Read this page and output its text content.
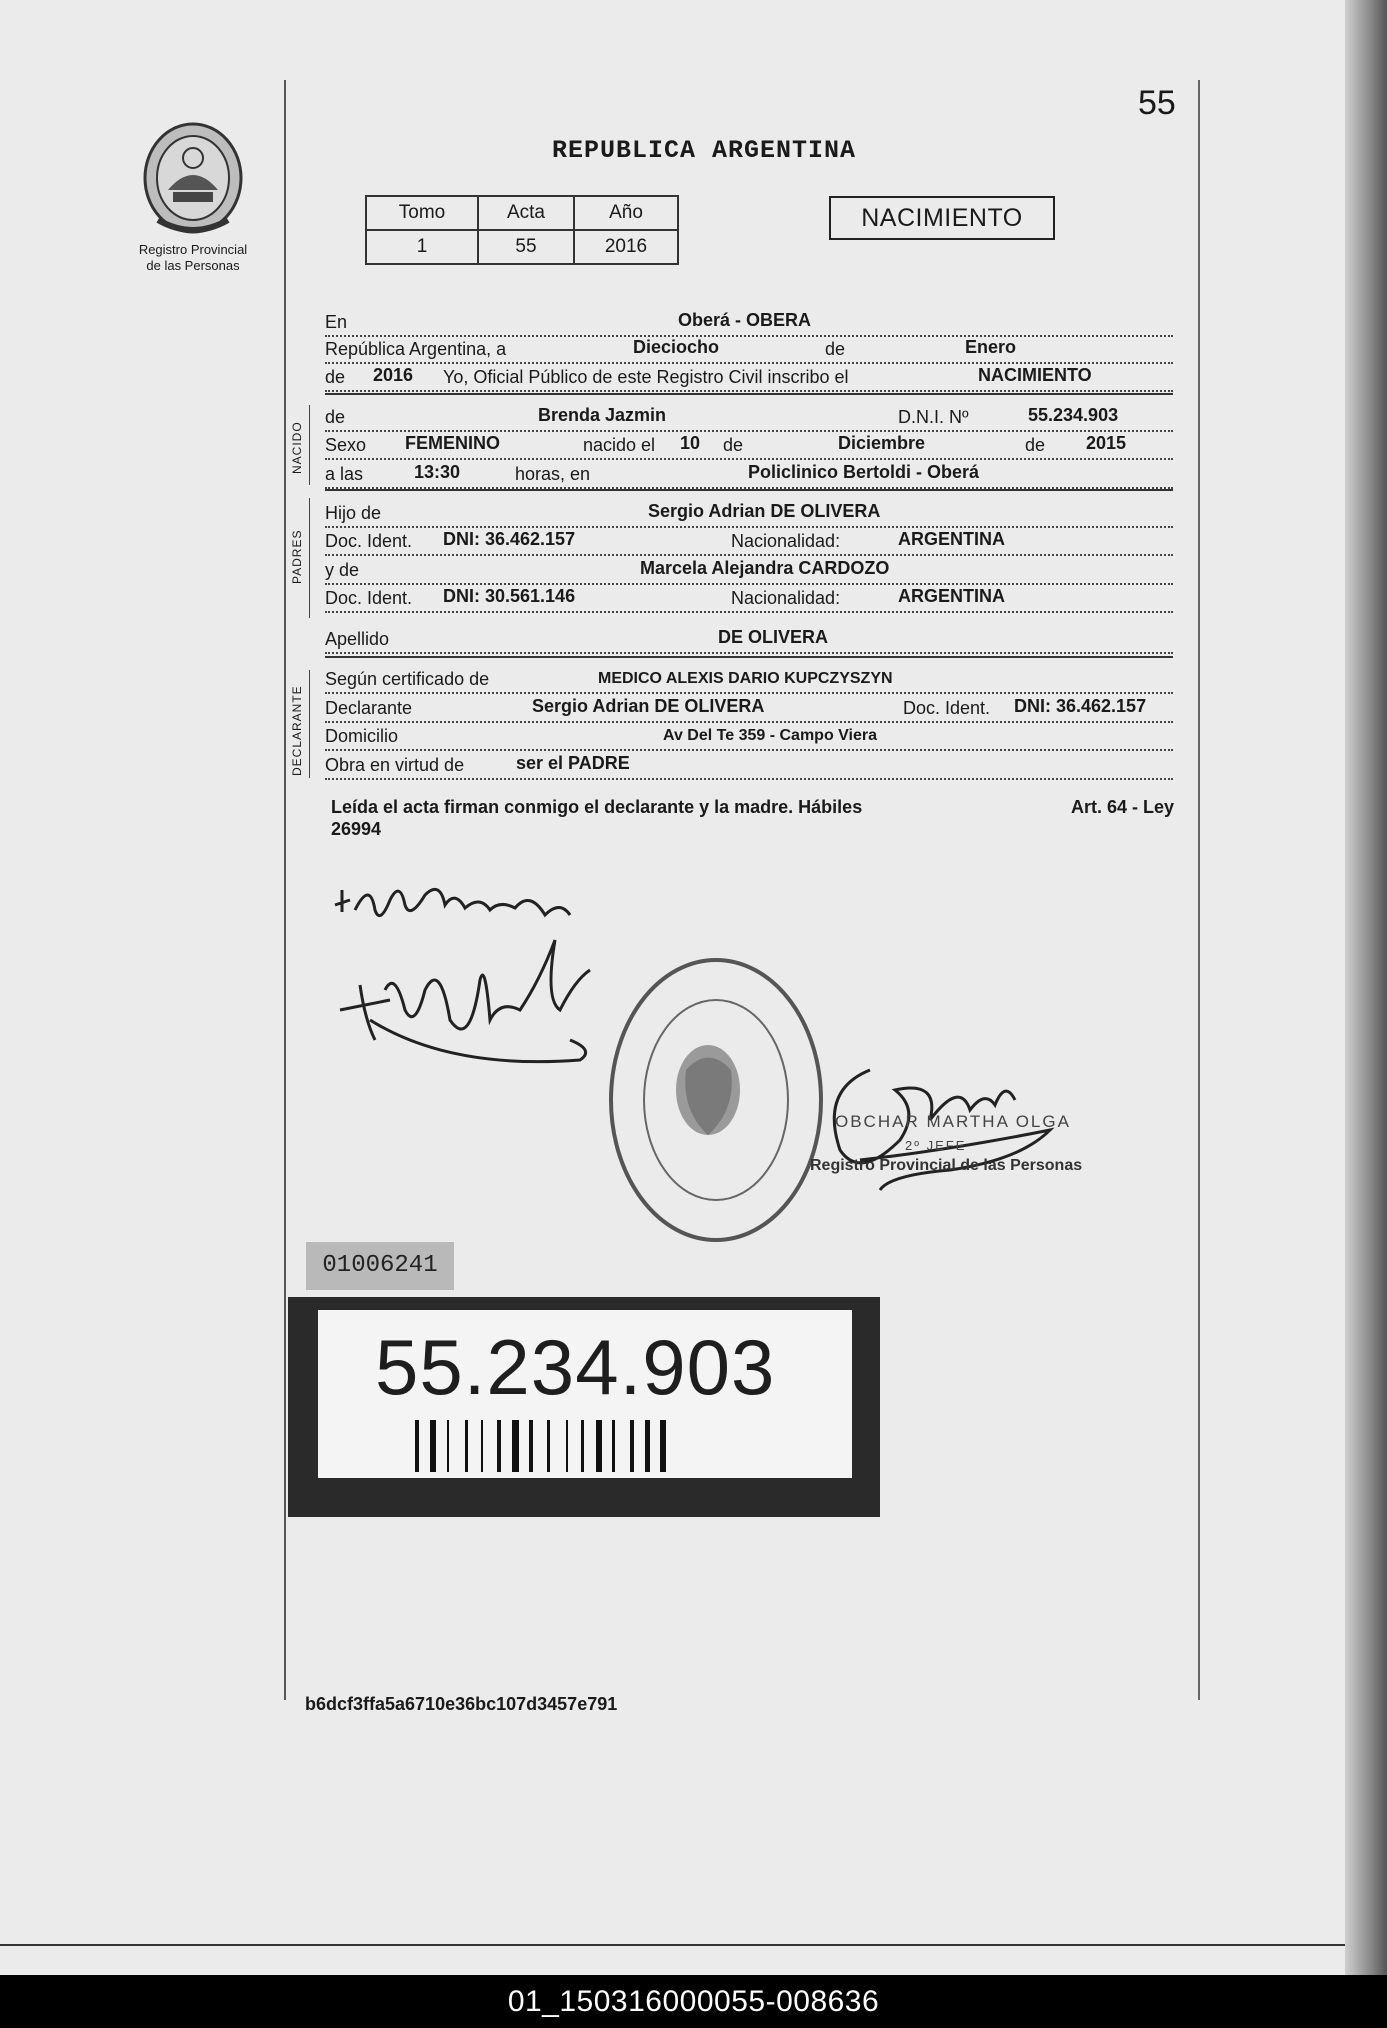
55
Registro Provincial
de las Personas
REPUBLICA ARGENTINA
Tomo	Acta	Año
1	55	2016
NACIMIENTO
En	Oberá - OBERA
República Argentina, a	Dieciocho	de	Enero
de 2016 Yo, Oficial Público de este Registro Civil inscribo el	NACIMIENTO
NACIDO
de	Brenda Jazmin	D.N.I. Nº	55.234.903
Sexo FEMENINO	nacido el 10 de	Diciembre	de 2015
a las	13:30	horas, en	Policlinico Bertoldi - Oberá
PADRES
Hijo de	Sergio Adrian DE OLIVERA
Doc. Ident. DNI: 36.462.157	Nacionalidad:	ARGENTINA
y de	Marcela Alejandra CARDOZO
Doc. Ident. DNI: 30.561.146	Nacionalidad:	ARGENTINA
Apellido	DE OLIVERA
DECLARANTE
Según certificado de	MEDICO ALEXIS DARIO KUPCZYSZYN
Declarante	Sergio Adrian DE OLIVERA	Doc. Ident. DNI: 36.462.157
Domicilio	Av Del Te 359 - Campo Viera
Obra en virtud de	ser el PADRE
Leída el acta firman conmigo el declarante y la madre. Hábiles	Art. 64 - Ley

26994
OBCHAR MARTHA OLGA
2º JEFE
Registro Provincial de las Personas
01006241
55.234.903
b6dcf3ffa5a6710e36bc107d3457e791
01_150316000055-008636
